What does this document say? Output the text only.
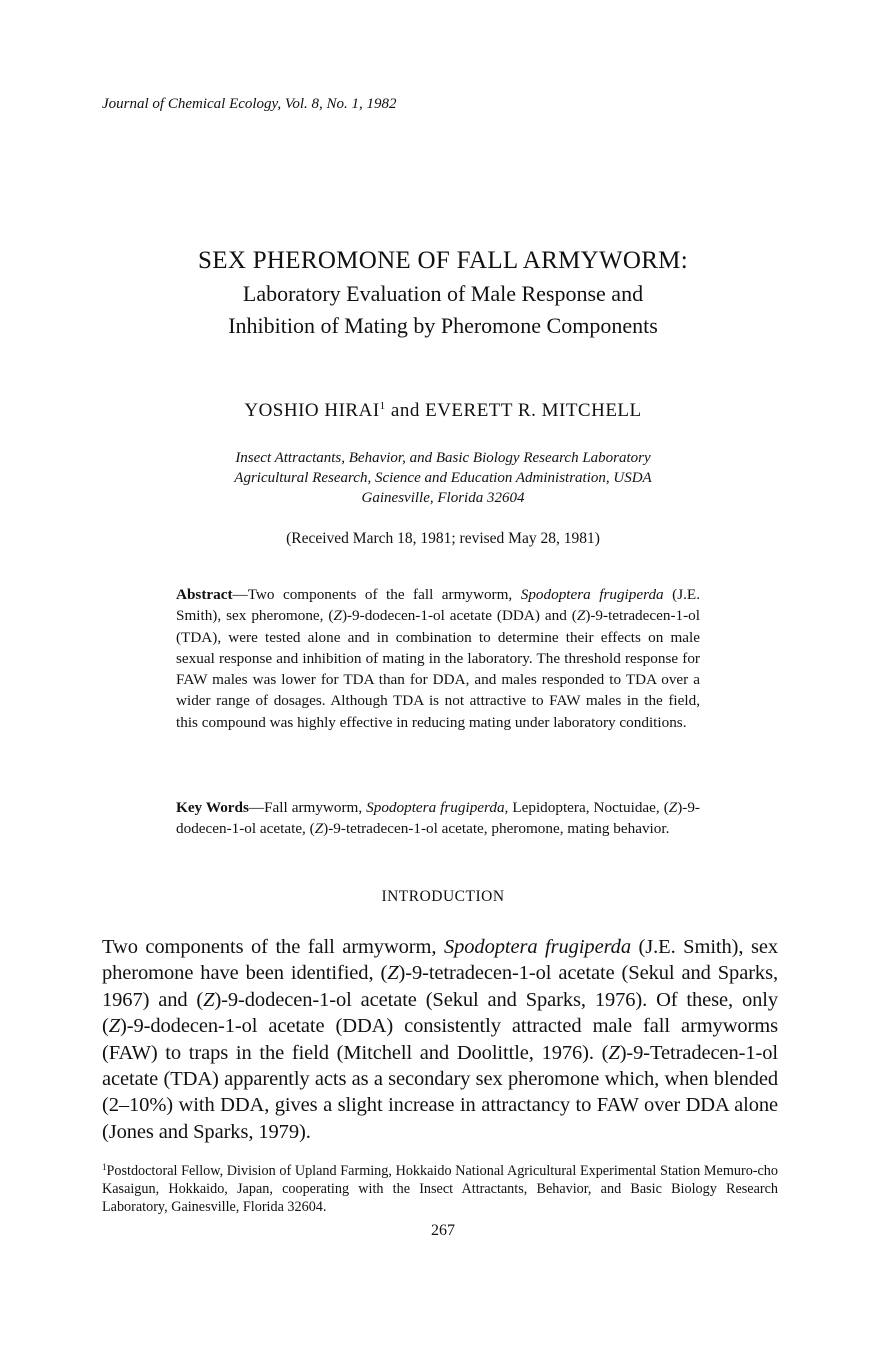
Journal of Chemical Ecology, Vol. 8, No. 1, 1982
SEX PHEROMONE OF FALL ARMYWORM:
Laboratory Evaluation of Male Response and
Inhibition of Mating by Pheromone Components
YOSHIO HIRAI$^1$ and EVERETT R. MITCHELL
Insect Attractants, Behavior, and Basic Biology Research Laboratory
Agricultural Research, Science and Education Administration, USDA
Gainesville, Florida 32604
(Received March 18, 1981; revised May 28, 1981)
Abstract—Two components of the fall armyworm, Spodoptera frugiperda (J.E. Smith), sex pheromone, (Z)-9-dodecen-1-ol acetate (DDA) and (Z)-9-tetradecen-1-ol (TDA), were tested alone and in combination to determine their effects on male sexual response and inhibition of mating in the laboratory. The threshold response for FAW males was lower for TDA than for DDA, and males responded to TDA over a wider range of dosages. Although TDA is not attractive to FAW males in the field, this compound was highly effective in reducing mating under laboratory conditions.
Key Words—Fall armyworm, Spodoptera frugiperda, Lepidoptera, Noctuidae, (Z)-9-dodecen-1-ol acetate, (Z)-9-tetradecen-1-ol acetate, pheromone, mating behavior.
INTRODUCTION
Two components of the fall armyworm, Spodoptera frugiperda (J.E. Smith), sex pheromone have been identified, (Z)-9-tetradecen-1-ol acetate (Sekul and Sparks, 1967) and (Z)-9-dodecen-1-ol acetate (Sekul and Sparks, 1976). Of these, only (Z)-9-dodecen-1-ol acetate (DDA) consistently attracted male fall armyworms (FAW) to traps in the field (Mitchell and Doolittle, 1976). (Z)-9-Tetradecen-1-ol acetate (TDA) apparently acts as a secondary sex pheromone which, when blended (2–10%) with DDA, gives a slight increase in attractancy to FAW over DDA alone (Jones and Sparks, 1979).
$^1$Postdoctoral Fellow, Division of Upland Farming, Hokkaido National Agricultural Experimental Station Memuro-cho Kasaigun, Hokkaido, Japan, cooperating with the Insect Attractants, Behavior, and Basic Biology Research Laboratory, Gainesville, Florida 32604.
267
